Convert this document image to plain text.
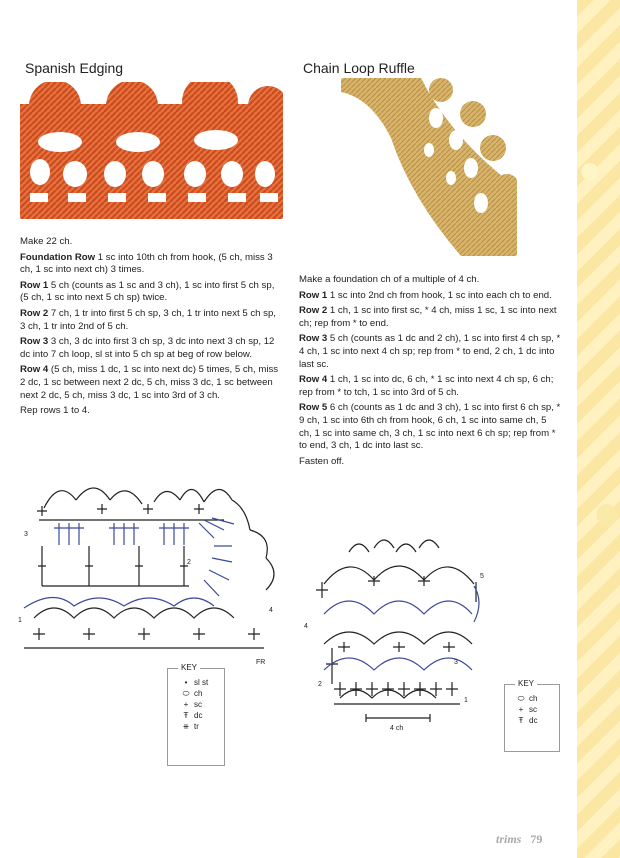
Spanish Edging
Make 22 ch.
Foundation Row 1 sc into 10th ch from hook, (5 ch, miss 3 ch, 1 sc into next ch) 3 times.
Row 1 5 ch (counts as 1 sc and 3 ch), 1 sc into first 5 ch sp, (5 ch, 1 sc into next 5 ch sp) twice.
Row 2 7 ch, 1 tr into first 5 ch sp, 3 ch, 1 tr into next 5 ch sp, 3 ch, 1 tr into 2nd of 5 ch.
Row 3 3 ch, 3 dc into first 3 ch sp, 3 dc into next 3 ch sp, 12 dc into 7 ch loop, sl st into 5 ch sp at beg of row below.
Row 4 (5 ch, miss 1 dc, 1 sc into next dc) 5 times, 5 ch, miss 2 dc, 1 sc between next 2 dc, 5 ch, miss 3 dc, 1 sc between next 2 dc, 5 ch, miss 3 dc, 1 sc into 3rd of 3 ch.
Rep rows 1 to 4.
3
2
1
4
FR
KEY
• sl st
⬭ ch
+ sc
Ŧ dc
⧺ tr
Chain Loop Ruffle
Make a foundation ch of a multiple of 4 ch.
Row 1 1 sc into 2nd ch from hook, 1 sc into each ch to end.
Row 2 1 ch, 1 sc into first sc, * 4 ch, miss 1 sc, 1 sc into next ch; rep from * to end.
Row 3 5 ch (counts as 1 dc and 2 ch), 1 sc into first 4 ch sp, * 4 ch, 1 sc into next 4 ch sp; rep from * to end, 2 ch, 1 dc into last sc.
Row 4 1 ch, 1 sc into dc, 6 ch, * 1 sc into next 4 ch sp, 6 ch; rep from * to tch, 1 sc into 3rd of 5 ch.
Row 5 6 ch (counts as 1 dc and 3 ch), 1 sc into first 6 ch sp, * 9 ch, 1 sc into 6th ch from hook, 6 ch, 1 sc into same ch, 5 ch, 1 sc into same ch, 3 ch, 1 sc into next 6 ch sp; rep from * to end, 3 ch, 1 dc into last sc.
Fasten off.
5
4
3
2
1
4 ch
KEY
⬭ ch
+ sc
Ŧ dc
trims 79
